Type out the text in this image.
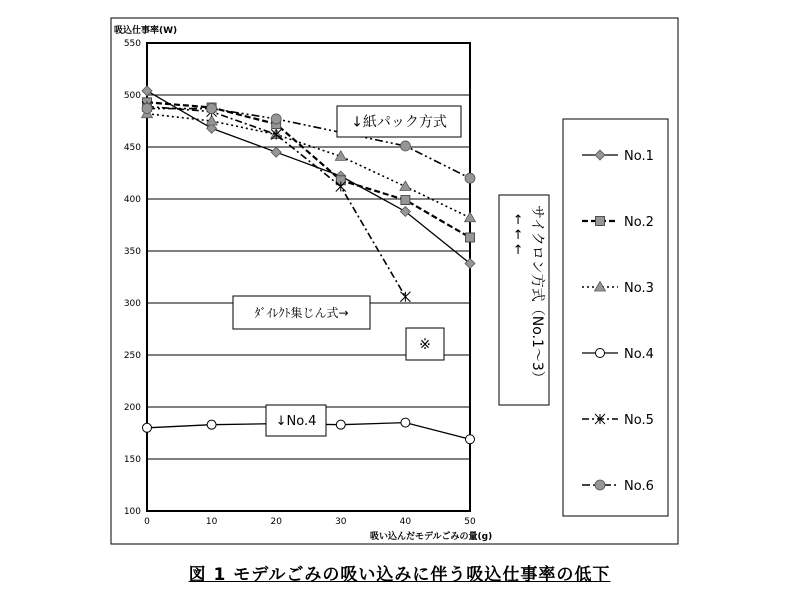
100
150
200
250
300
350
400
450
500
550
0	10	20	30	40	50
吸込仕事率(W)
吸い込んだモデルごみの量(g)
↓紙パック方式
ﾀﾞｲﾚｸﾄ集じん式→
※
↓No.4
← ← ← サイクロン方式（No.1～3）
No.1
No.2
No.3
No.4
No.5
No.6
図 1 モデルごみの吸い込みに伴う吸込仕事率の低下
